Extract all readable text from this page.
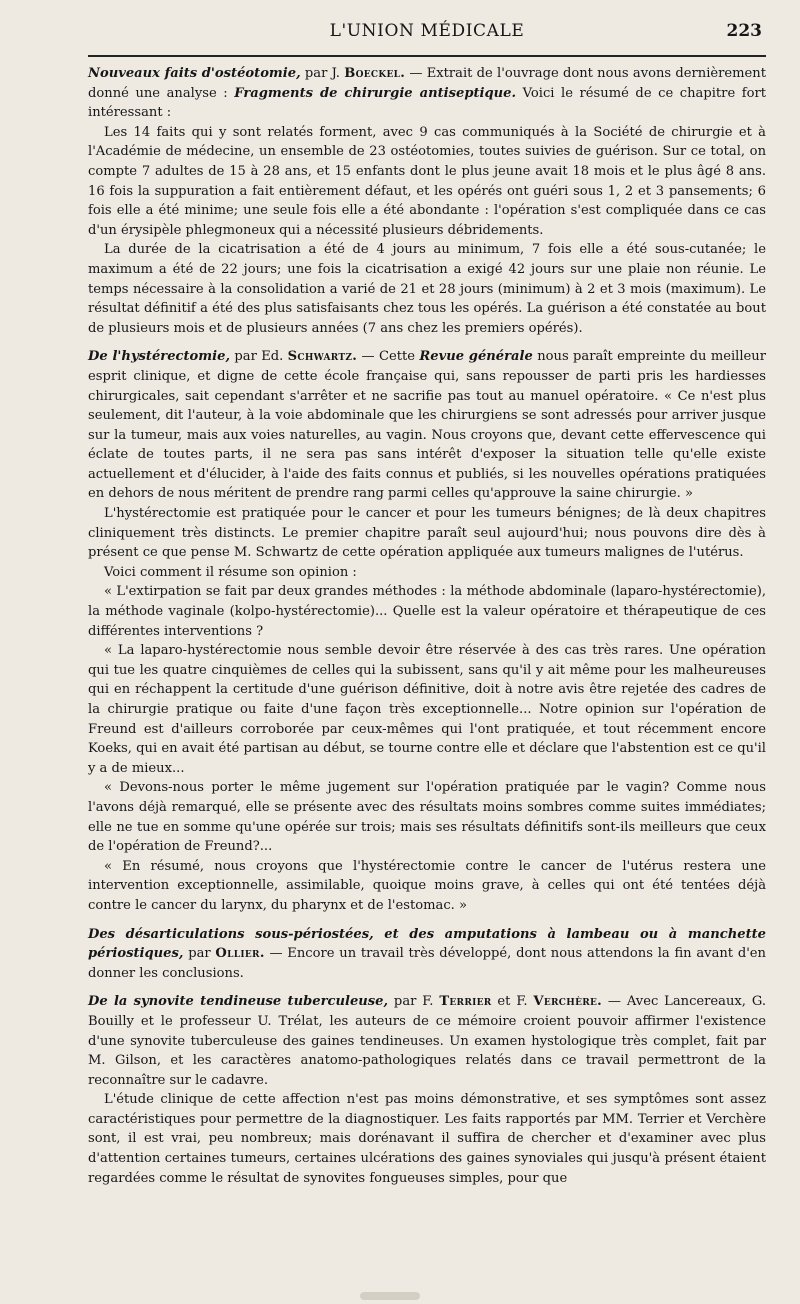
L'UNION MÉDICALE	223

Nouveaux faits d'ostéotomie, par J. Boeckel. — Extrait de l'ouvrage dont nous avons dernièrement donné une analyse : Fragments de chirurgie antiseptique. Voici le résumé de ce chapitre fort intéressant :

Les 14 faits qui y sont relatés forment, avec 9 cas communiqués à la Société de chirurgie et à l'Académie de médecine, un ensemble de 23 ostéotomies, toutes suivies de guérison. Sur ce total, on compte 7 adultes de 15 à 28 ans, et 15 enfants dont le plus jeune avait 18 mois et le plus âgé 8 ans. 16 fois la suppuration a fait entièrement défaut, et les opérés ont guéri sous 1, 2 et 3 pansements; 6 fois elle a été minime; une seule fois elle a été abondante : l'opération s'est compliquée dans ce cas d'un érysipèle phlegmoneux qui a nécessité plusieurs débridements.

La durée de la cicatrisation a été de 4 jours au minimum, 7 fois elle a été sous-cutanée; le maximum a été de 22 jours; une fois la cicatrisation a exigé 42 jours sur une plaie non réunie. Le temps nécessaire à la consolidation a varié de 21 et 28 jours (minimum) à 2 et 3 mois (maximum). Le résultat définitif a été des plus satisfaisants chez tous les opérés. La guérison a été constatée au bout de plusieurs mois et de plusieurs années (7 ans chez les premiers opérés).

De l'hystérectomie, par Ed. Schwartz. — Cette Revue générale nous paraît empreinte du meilleur esprit clinique, et digne de cette école française qui, sans repousser de parti pris les hardiesses chirurgicales, sait cependant s'arrêter et ne sacrifie pas tout au manuel opératoire. « Ce n'est plus seulement, dit l'auteur, à la voie abdominale que les chirurgiens se sont adressés pour arriver jusque sur la tumeur, mais aux voies naturelles, au vagin. Nous croyons que, devant cette effervescence qui éclate de toutes parts, il ne sera pas sans intérêt d'exposer la situation telle qu'elle existe actuellement et d'élucider, à l'aide des faits connus et publiés, si les nouvelles opérations pratiquées en dehors de nous méritent de prendre rang parmi celles qu'approuve la saine chirurgie. »

L'hystérectomie est pratiquée pour le cancer et pour les tumeurs bénignes; de là deux chapitres cliniquement très distincts. Le premier chapitre paraît seul aujourd'hui; nous pouvons dire dès à présent ce que pense M. Schwartz de cette opération appliquée aux tumeurs malignes de l'utérus.

Voici comment il résume son opinion :

« L'extirpation se fait par deux grandes méthodes : la méthode abdominale (laparo-hystérectomie), la méthode vaginale (kolpo-hystérectomie)... Quelle est la valeur opératoire et thérapeutique de ces différentes interventions ?

« La laparo-hystérectomie nous semble devoir être réservée à des cas très rares. Une opération qui tue les quatre cinquièmes de celles qui la subissent, sans qu'il y ait même pour les malheureuses qui en réchappent la certitude d'une guérison définitive, doit à notre avis être rejetée des cadres de la chirurgie pratique ou faite d'une façon très exceptionnelle... Notre opinion sur l'opération de Freund est d'ailleurs corroborée par ceux-mêmes qui l'ont pratiquée, et tout récemment encore Koeks, qui en avait été partisan au début, se tourne contre elle et déclare que l'abstention est ce qu'il y a de mieux...

« Devons-nous porter le même jugement sur l'opération pratiquée par le vagin? Comme nous l'avons déjà remarqué, elle se présente avec des résultats moins sombres comme suites immédiates; elle ne tue en somme qu'une opérée sur trois; mais ses résultats définitifs sont-ils meilleurs que ceux de l'opération de Freund?...

« En résumé, nous croyons que l'hystérectomie contre le cancer de l'utérus restera une intervention exceptionnelle, assimilable, quoique moins grave, à celles qui ont été tentées déjà contre le cancer du larynx, du pharynx et de l'estomac. »

Des désarticulations sous-périostées, et des amputations à lambeau ou à manchette périostiques, par Ollier. — Encore un travail très développé, dont nous attendons la fin avant d'en donner les conclusions.

De la synovite tendineuse tuberculeuse, par F. Terrier et F. Verchère. — Avec Lancereaux, G. Bouilly et le professeur U. Trélat, les auteurs de ce mémoire croient pouvoir affirmer l'existence d'une synovite tuberculeuse des gaines tendineuses. Un examen hystologique très complet, fait par M. Gilson, et les caractères anatomo-pathologiques relatés dans ce travail permettront de la reconnaître sur le cadavre.

L'étude clinique de cette affection n'est pas moins démonstrative, et ses symptômes sont assez caractéristiques pour permettre de la diagnostiquer. Les faits rapportés par MM. Terrier et Verchère sont, il est vrai, peu nombreux; mais dorénavant il suffira de chercher et d'examiner avec plus d'attention certaines tumeurs, certaines ulcérations des gaines synoviales qui jusqu'à présent étaient regardées comme le résultat de synovites fongueuses simples, pour que
